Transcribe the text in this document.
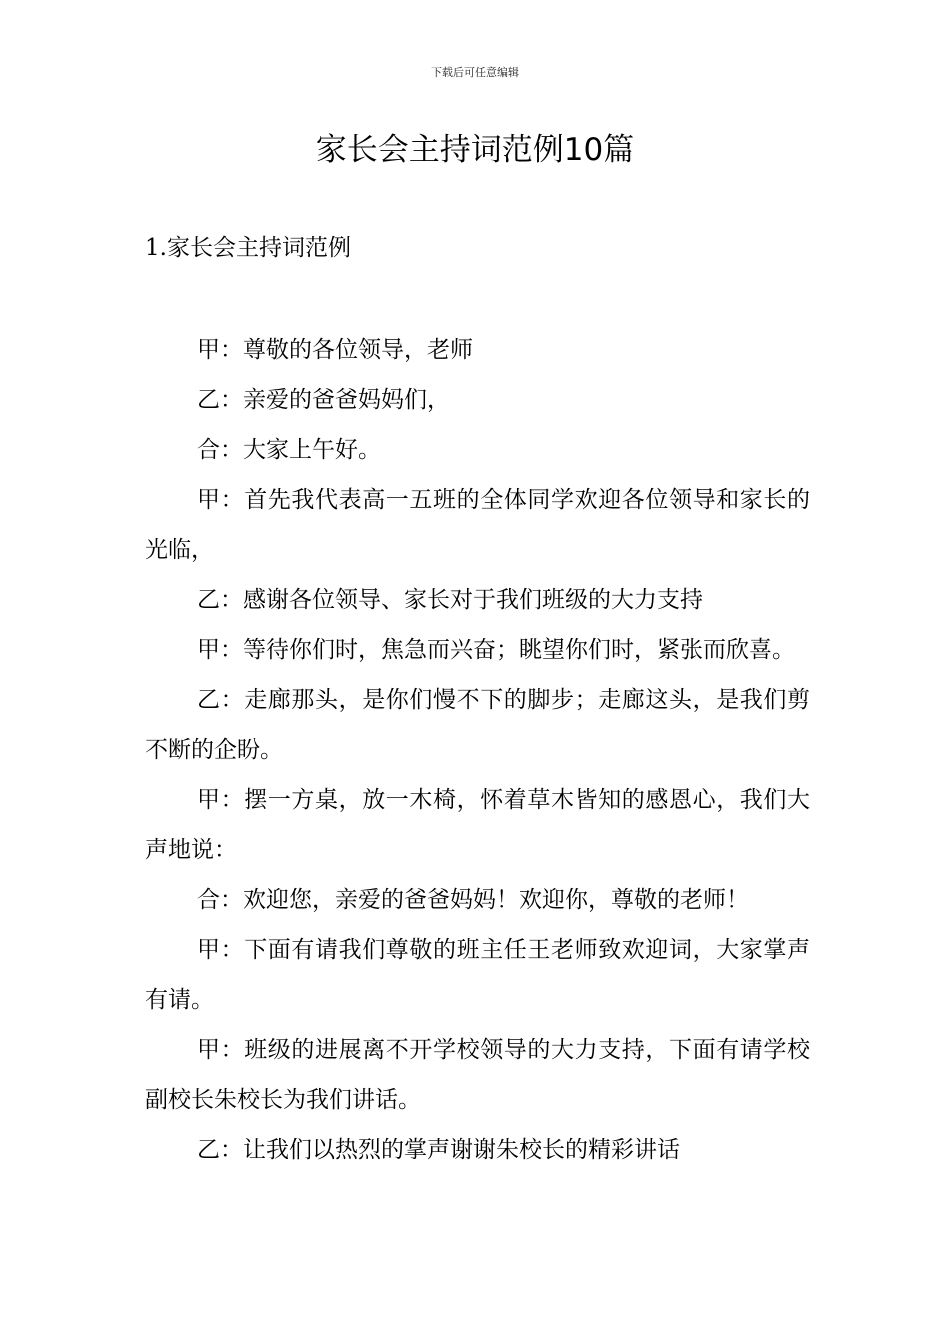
下载后可任意编辑
家长会主持词范例10篇
1.家长会主持词范例

甲：尊敬的各位领导，老师

乙：亲爱的爸爸妈妈们，

合：大家上午好。

甲：首先我代表高一五班的全体同学欢迎各位领导和家长的光临，

乙：感谢各位领导、家长对于我们班级的大力支持

甲：等待你们时，焦急而兴奋；眺望你们时，紧张而欣喜。

乙：走廊那头，是你们慢不下的脚步；走廊这头，是我们剪不断的企盼。

甲：摆一方桌，放一木椅，怀着草木皆知的感恩心，我们大声地说：

合：欢迎您，亲爱的爸爸妈妈！欢迎你，尊敬的老师！

甲：下面有请我们尊敬的班主任王老师致欢迎词，大家掌声有请。

甲：班级的进展离不开学校领导的大力支持，下面有请学校副校长朱校长为我们讲话。

乙：让我们以热烈的掌声谢谢朱校长的精彩讲话
